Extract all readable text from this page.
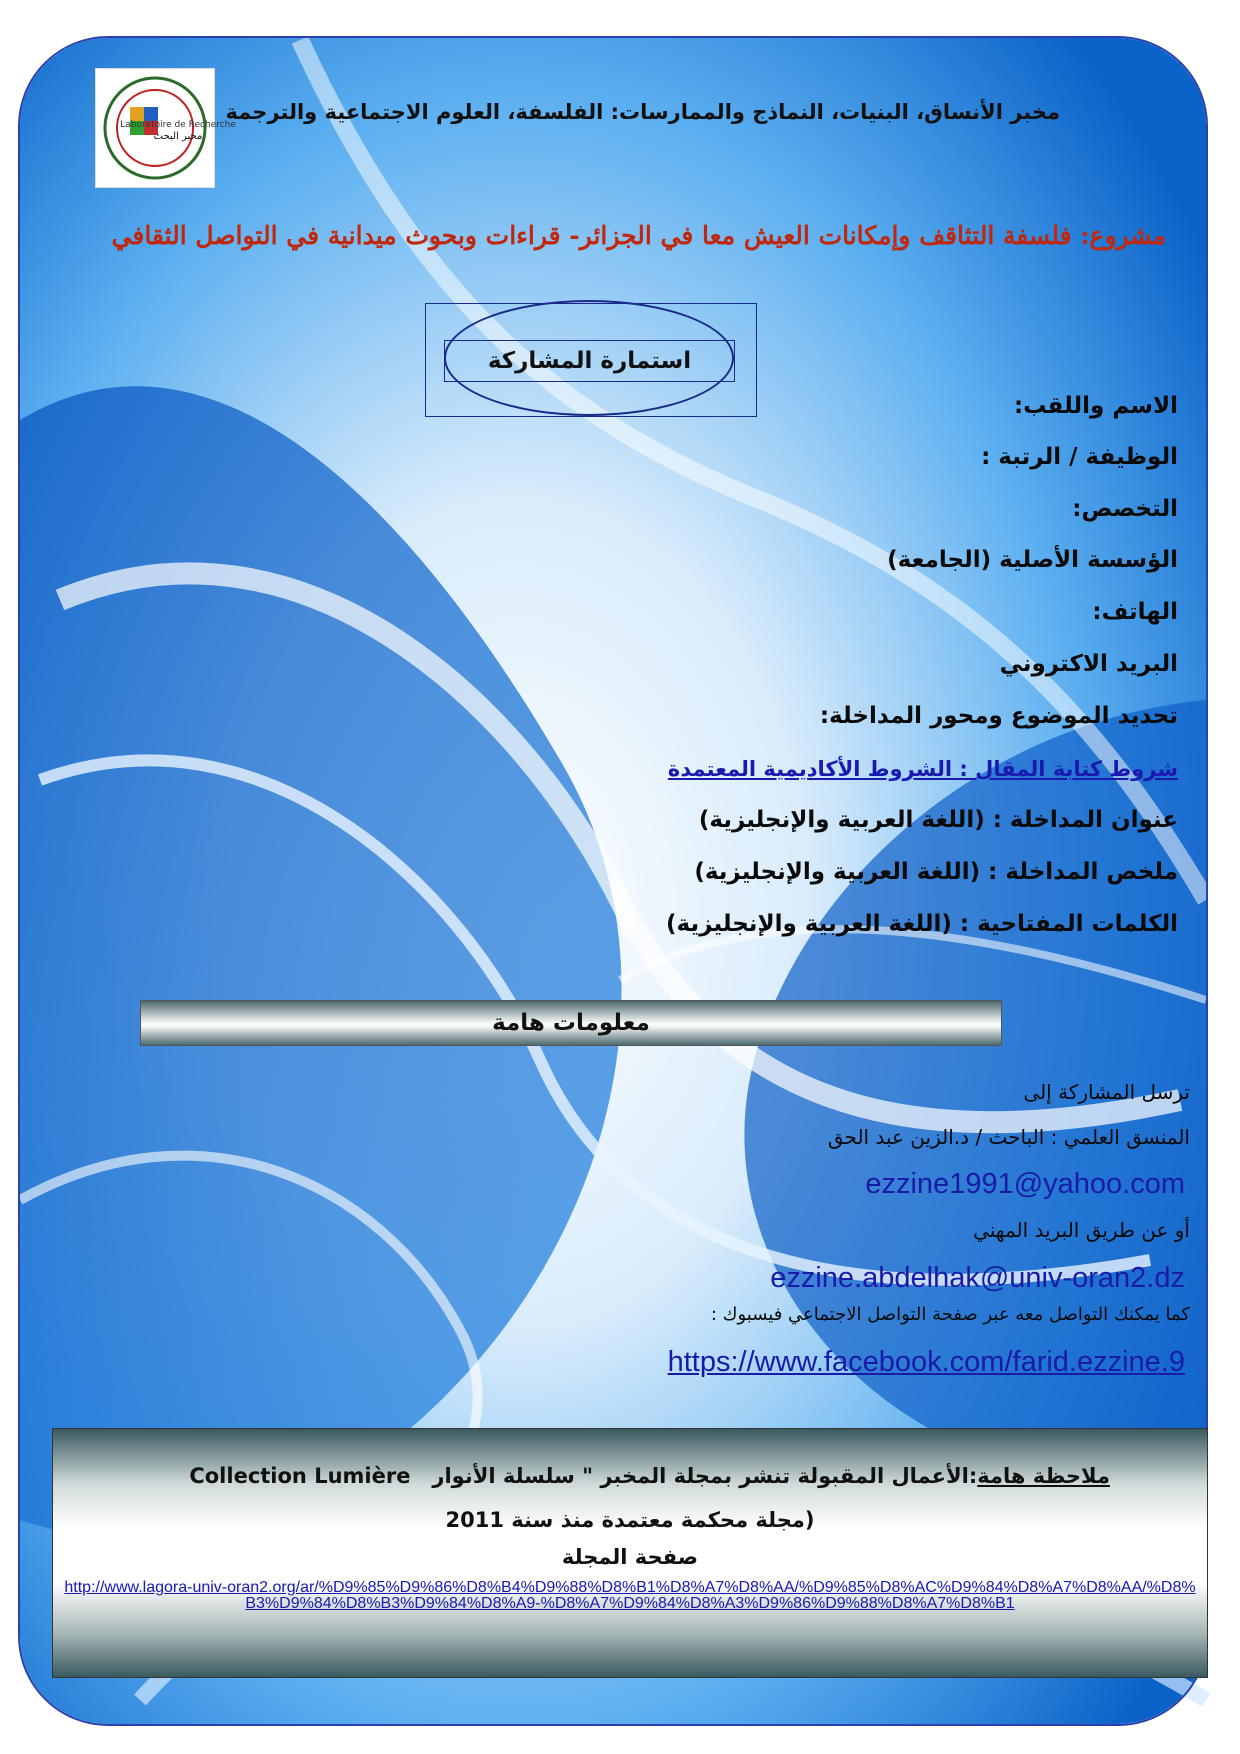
Laboratoire de Recherche
مخبر البحث
مخبر الأنساق، البنيات، النماذج والممارسات: الفلسفة، العلوم الاجتماعية والترجمة
مشروع: فلسفة التثاقف وإمكانات العيش معا في الجزائر- قراءات وبحوث ميدانية في التواصل الثقافي
استمارة المشاركة
الاسم واللقب:
الوظيفة / الرتبة :
التخصص:
الؤسسة الأصلية (الجامعة)
الهاتف:
البريد الاكتروني
تحديد الموضوع ومحور المداخلة:
شروط كتابة المقال : الشروط الأكاديمية المعتمدة
عنوان المداخلة : (اللغة العربية والإنجليزية)
ملخص المداخلة : (اللغة العربية والإنجليزية)
الكلمات المفتاحية : (اللغة العربية والإنجليزية)
معلومات هامة
ترسل المشاركة إلى
المنسق العلمي : الباحث / د.الزين عبد الحق
ezzine1991@yahoo.com
أو عن طريق البريد المهني
ezzine.abdelhak@univ-oran2.dz
كما يمكنك التواصل معه عبر صفحة التواصل الاجتماعي فيسبوك :
https://www.facebook.com/farid.ezzine.9
ملاحظة هامة:الأعمال المقبولة تنشر بمجلة المخبر " سلسلة الأنوار   Collection Lumière
(مجلة محكمة معتمدة منذ سنة 2011
صفحة المجلة
http://www.lagora-univ-oran2.org/ar/%D9%85%D9%86%D8%B4%D9%88%D8%B1%D8%A7%D8%AA/%D9%85%D8%AC%D9%84%D8%A7%D8%AA/%D8%B3%D9%84%D8%B3%D9%84%D8%A9-%D8%A7%D9%84%D8%A3%D9%86%D9%88%D8%A7%D8%B1
